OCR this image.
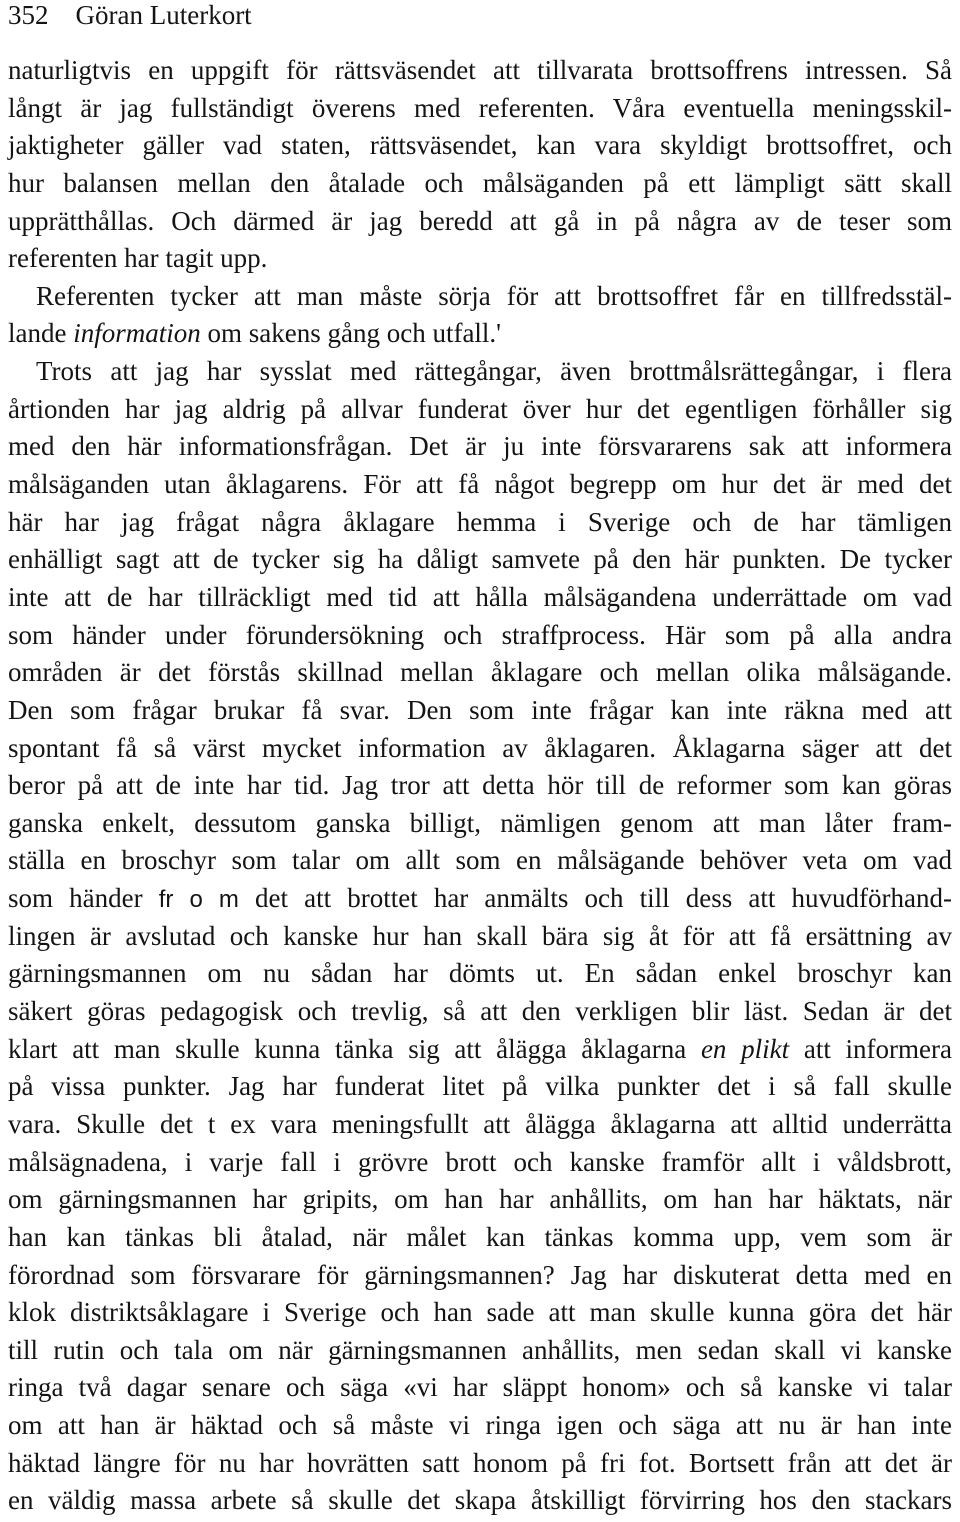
352 Göran Luterkort
naturligtvis en uppgift för rättsväsendet att tillvarata brottsoffrens intressen. Så
långt är jag fullständigt överens med referenten. Våra eventuella meningsskil-
jaktigheter gäller vad staten, rättsväsendet, kan vara skyldigt brottsoffret, och
hur balansen mellan den åtalade och målsäganden på ett lämpligt sätt skall
upprätthållas. Och därmed är jag beredd att gå in på några av de teser som
referenten har tagit upp.
Referenten tycker att man måste sörja för att brottsoffret får en tillfredsstäl-
lande information om sakens gång och utfall.'
Trots att jag har sysslat med rättegångar, även brottmålsrättegångar, i flera
årtionden har jag aldrig på allvar funderat över hur det egentligen förhåller sig
med den här informationsfrågan. Det är ju inte försvararens sak att informera
målsäganden utan åklagarens. För att få något begrepp om hur det är med det
här har jag frågat några åklagare hemma i Sverige och de har tämligen
enhälligt sagt att de tycker sig ha dåligt samvete på den här punkten. De tycker
inte att de har tillräckligt med tid att hålla målsägandena underrättade om vad
som händer under förundersökning och straffprocess. Här som på alla andra
områden är det förstås skillnad mellan åklagare och mellan olika målsägande.
Den som frågar brukar få svar. Den som inte frågar kan inte räkna med att
spontant få så värst mycket information av åklagaren. Åklagarna säger att det
beror på att de inte har tid. Jag tror att detta hör till de reformer som kan göras
ganska enkelt, dessutom ganska billigt, nämligen genom att man låter fram-
ställa en broschyr som talar om allt som en målsägande behöver veta om vad
som händer fr o m det att brottet har anmälts och till dess att huvudförhand-
lingen är avslutad och kanske hur han skall bära sig åt för att få ersättning av
gärningsmannen om nu sådan har dömts ut. En sådan enkel broschyr kan
säkert göras pedagogisk och trevlig, så att den verkligen blir läst. Sedan är det
klart att man skulle kunna tänka sig att ålägga åklagarna en plikt att informera
på vissa punkter. Jag har funderat litet på vilka punkter det i så fall skulle
vara. Skulle det t ex vara meningsfullt att ålägga åklagarna att alltid underrätta
målsägnadena, i varje fall i grövre brott och kanske framför allt i våldsbrott,
om gärningsmannen har gripits, om han har anhållits, om han har häktats, när
han kan tänkas bli åtalad, när målet kan tänkas komma upp, vem som är
förordnad som försvarare för gärningsmannen? Jag har diskuterat detta med en
klok distriktsåklagare i Sverige och han sade att man skulle kunna göra det här
till rutin och tala om när gärningsmannen anhållits, men sedan skall vi kanske
ringa två dagar senare och säga «vi har släppt honom» och så kanske vi talar
om att han är häktad och så måste vi ringa igen och säga att nu är han inte
häktad längre för nu har hovrätten satt honom på fri fot. Bortsett från att det är
en väldig massa arbete så skulle det skapa åtskilligt förvirring hos den stackars
